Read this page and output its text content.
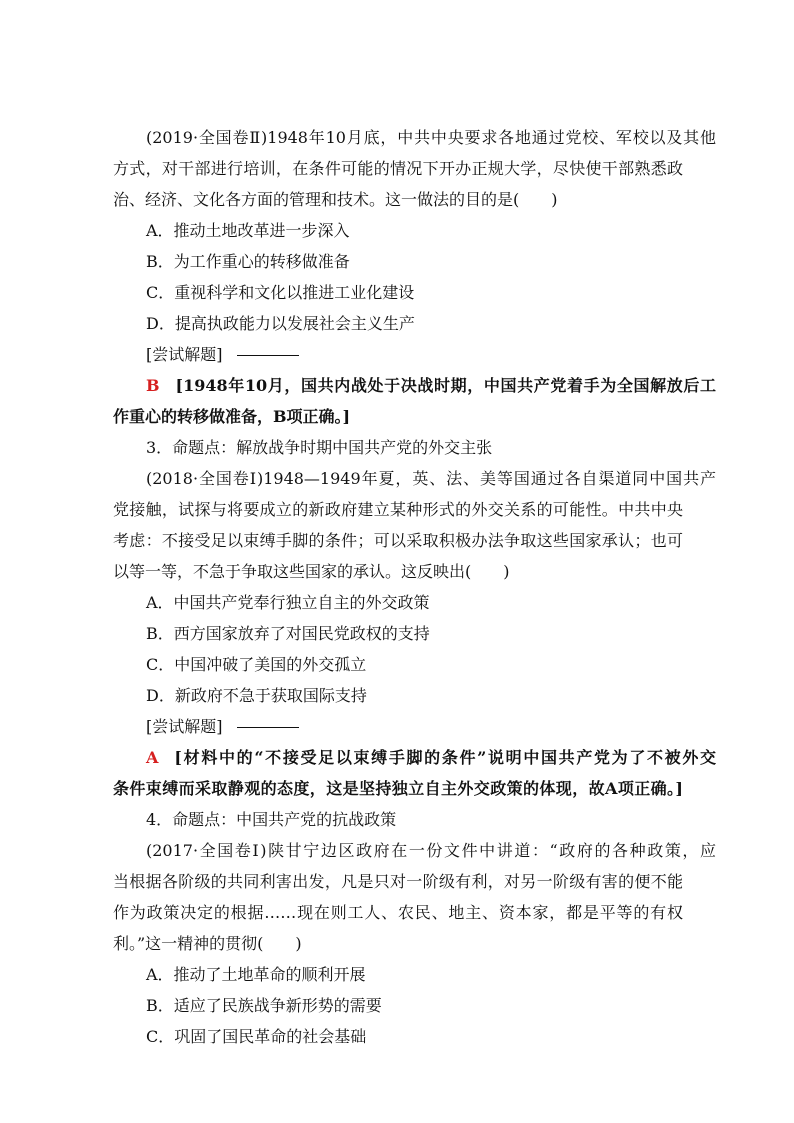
(2019·全国卷Ⅱ)1948年10月底，中共中央要求各地通过党校、军校以及其他
方式，对干部进行培训，在条件可能的情况下开办正规大学，尽快使干部熟悉政
治、经济、文化各方面的管理和技术。这一做法的目的是(　　)
A．推动土地改革进一步深入
B．为工作重心的转移做准备
C．重视科学和文化以推进工业化建设
D．提高执政能力以发展社会主义生产
[尝试解题]
B  [1948年10月，国共内战处于决战时期，中国共产党着手为全国解放后工
作重心的转移做准备，B项正确。]
3．命题点：解放战争时期中国共产党的外交主张
(2018·全国卷Ⅰ)1948—1949年夏，英、法、美等国通过各自渠道同中国共产
党接触，试探与将要成立的新政府建立某种形式的外交关系的可能性。中共中央
考虑：不接受足以束缚手脚的条件；可以采取积极办法争取这些国家承认；也可
以等一等，不急于争取这些国家的承认。这反映出(　　)
A．中国共产党奉行独立自主的外交政策
B．西方国家放弃了对国民党政权的支持
C．中国冲破了美国的外交孤立
D．新政府不急于获取国际支持
[尝试解题]
A  [材料中的“不接受足以束缚手脚的条件”说明中国共产党为了不被外交
条件束缚而采取静观的态度，这是坚持独立自主外交政策的体现，故A项正确。]
4．命题点：中国共产党的抗战政策
(2017·全国卷Ⅰ)陕甘宁边区政府在一份文件中讲道：“政府的各种政策，应
当根据各阶级的共同利害出发，凡是只对一阶级有利，对另一阶级有害的便不能
作为政策决定的根据……现在则工人、农民、地主、资本家，都是平等的有权
利。”这一精神的贯彻(　　)
A．推动了土地革命的顺利开展
B．适应了民族战争新形势的需要
C．巩固了国民革命的社会基础
